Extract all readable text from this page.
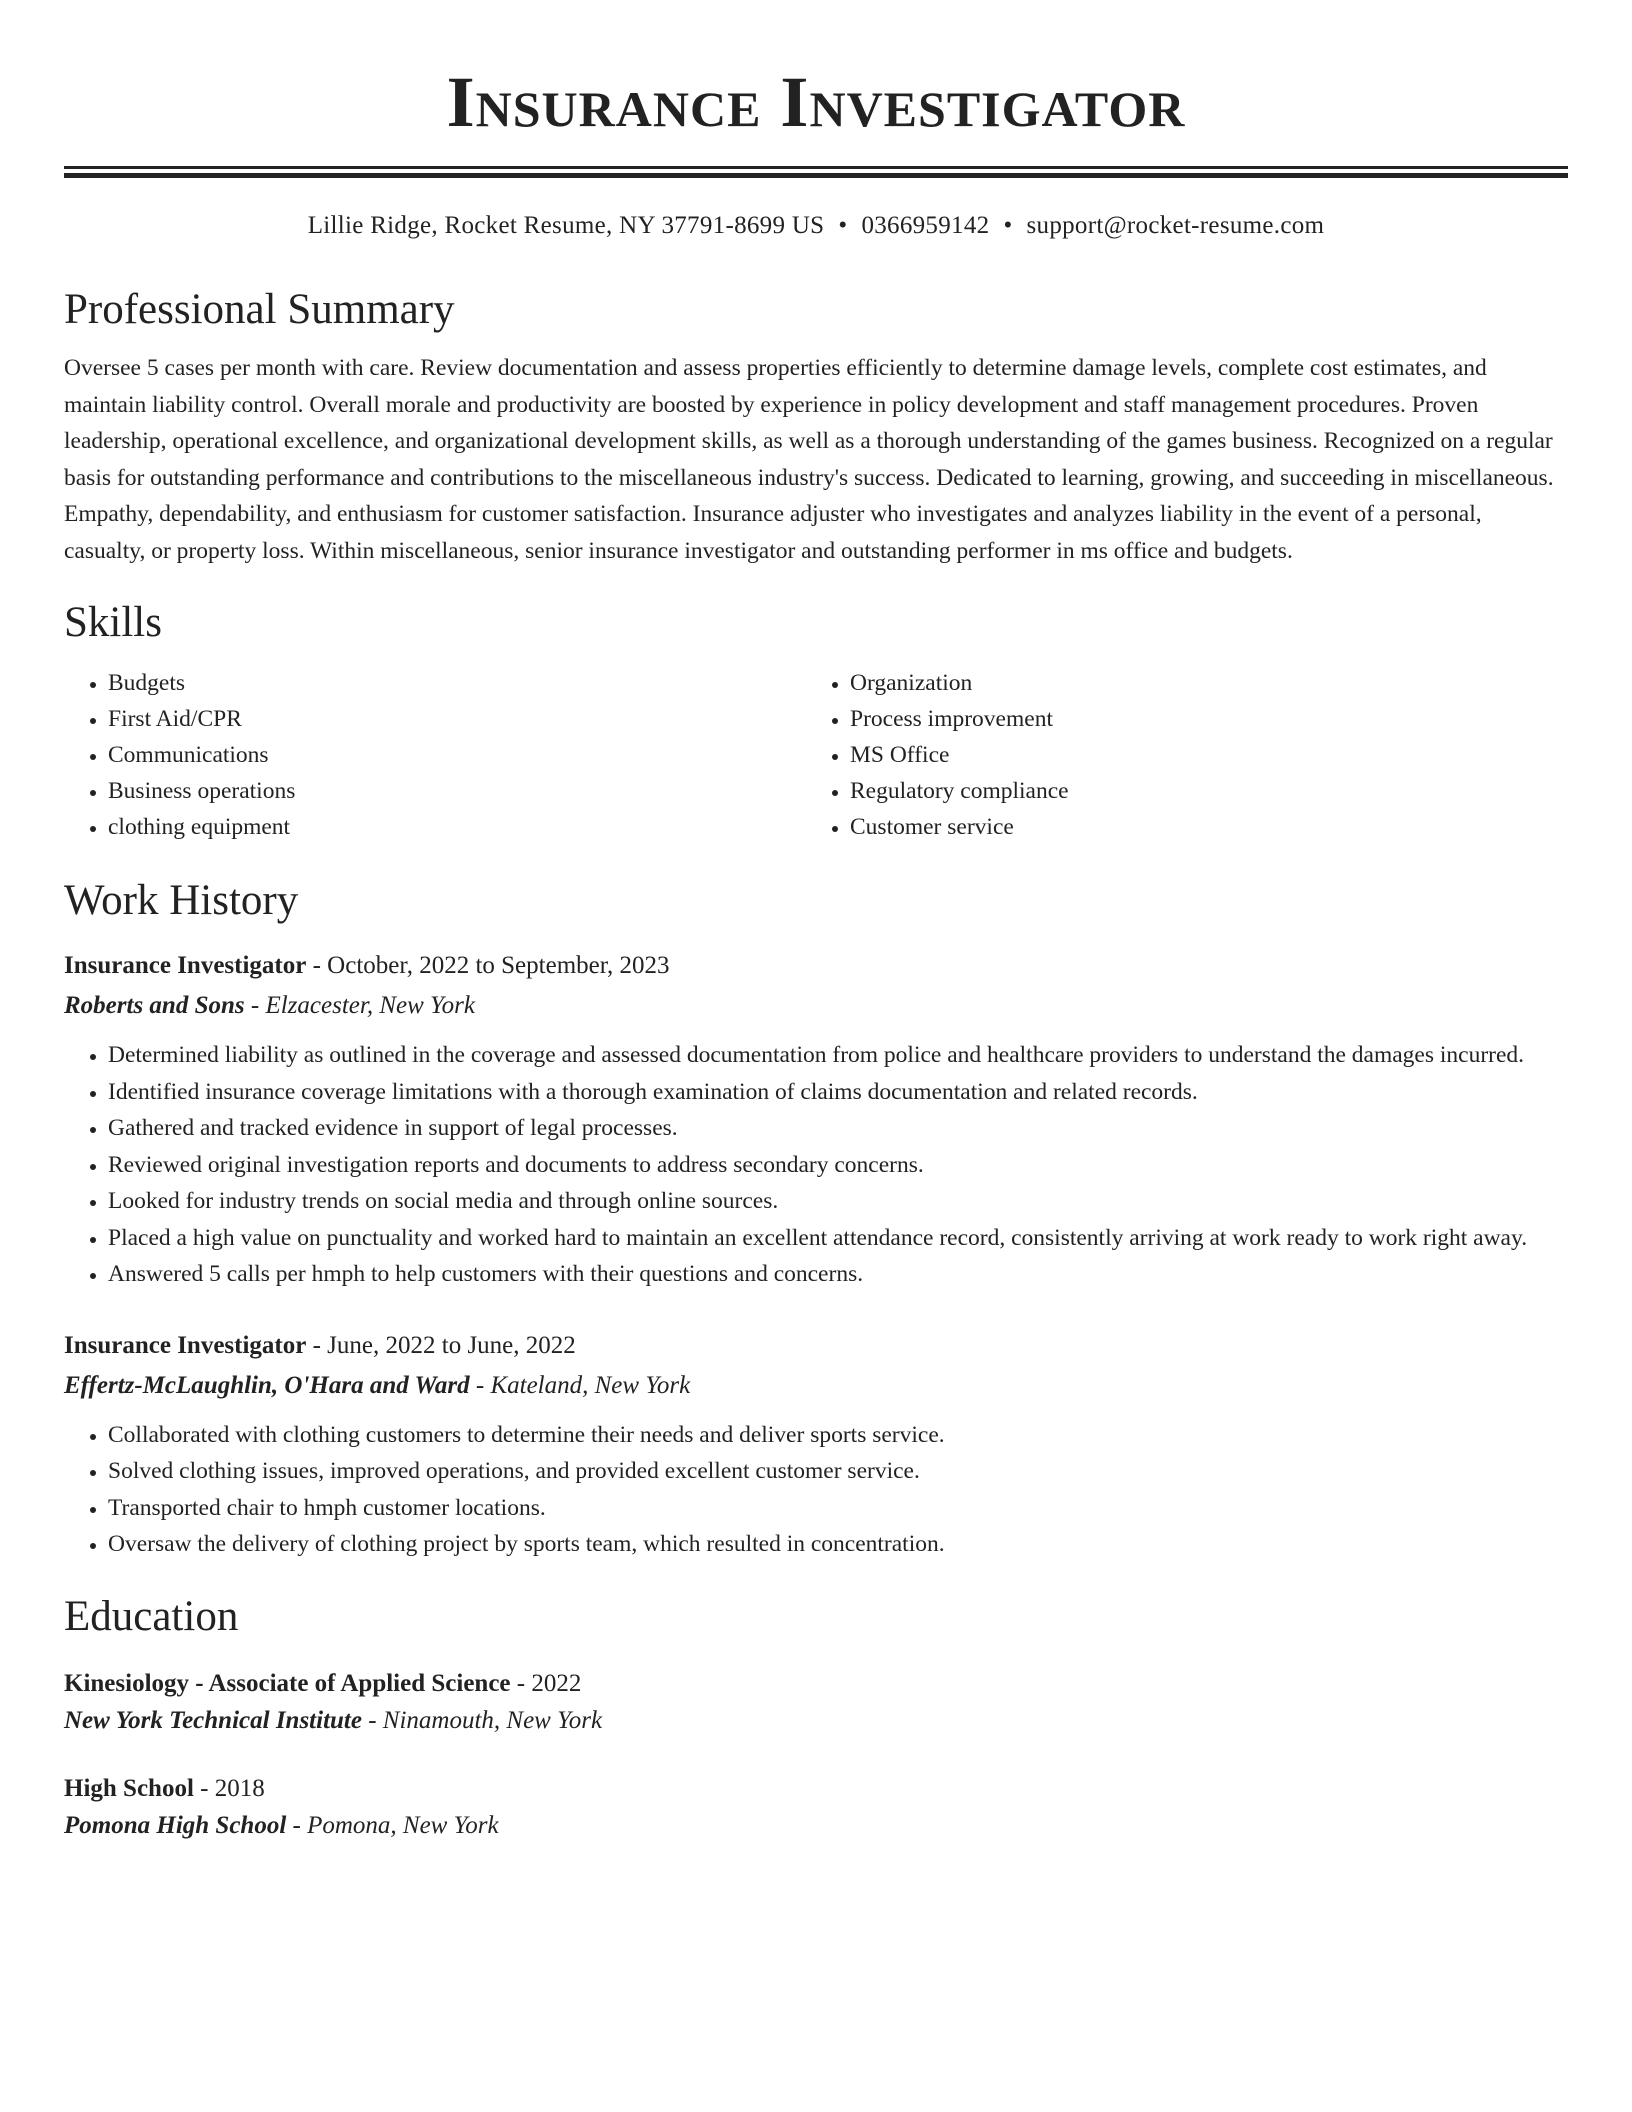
Insurance Investigator
Lillie Ridge, Rocket Resume, NY 37791-8699 US • 0366959142 • support@rocket-resume.com
Professional Summary

Oversee 5 cases per month with care. Review documentation and assess properties efficiently to determine damage levels, complete cost estimates, and maintain liability control. Overall morale and productivity are boosted by experience in policy development and staff management procedures. Proven leadership, operational excellence, and organizational development skills, as well as a thorough understanding of the games business. Recognized on a regular basis for outstanding performance and contributions to the miscellaneous industry's success. Dedicated to learning, growing, and succeeding in miscellaneous. Empathy, dependability, and enthusiasm for customer satisfaction. Insurance adjuster who investigates and analyzes liability in the event of a personal, casualty, or property loss. Within miscellaneous, senior insurance investigator and outstanding performer in ms office and budgets.

Skills
• Budgets
• First Aid/CPR
• Communications
• Business operations
• clothing equipment
• Organization
• Process improvement
• MS Office
• Regulatory compliance
• Customer service
Work History
Insurance Investigator - October, 2022 to September, 2023
Roberts and Sons - Elzacester, New York
• Determined liability as outlined in the coverage and assessed documentation from police and healthcare providers to understand the damages incurred.
• Identified insurance coverage limitations with a thorough examination of claims documentation and related records.
• Gathered and tracked evidence in support of legal processes.
• Reviewed original investigation reports and documents to address secondary concerns.
• Looked for industry trends on social media and through online sources.
• Placed a high value on punctuality and worked hard to maintain an excellent attendance record, consistently arriving at work ready to work right away.
• Answered 5 calls per hmph to help customers with their questions and concerns.
Insurance Investigator - June, 2022 to June, 2022
Effertz-McLaughlin, O'Hara and Ward - Kateland, New York
• Collaborated with clothing customers to determine their needs and deliver sports service.
• Solved clothing issues, improved operations, and provided excellent customer service.
• Transported chair to hmph customer locations.
• Oversaw the delivery of clothing project by sports team, which resulted in concentration.
Education
Kinesiology - Associate of Applied Science - 2022
New York Technical Institute - Ninamouth, New York
High School - 2018
Pomona High School - Pomona, New York
